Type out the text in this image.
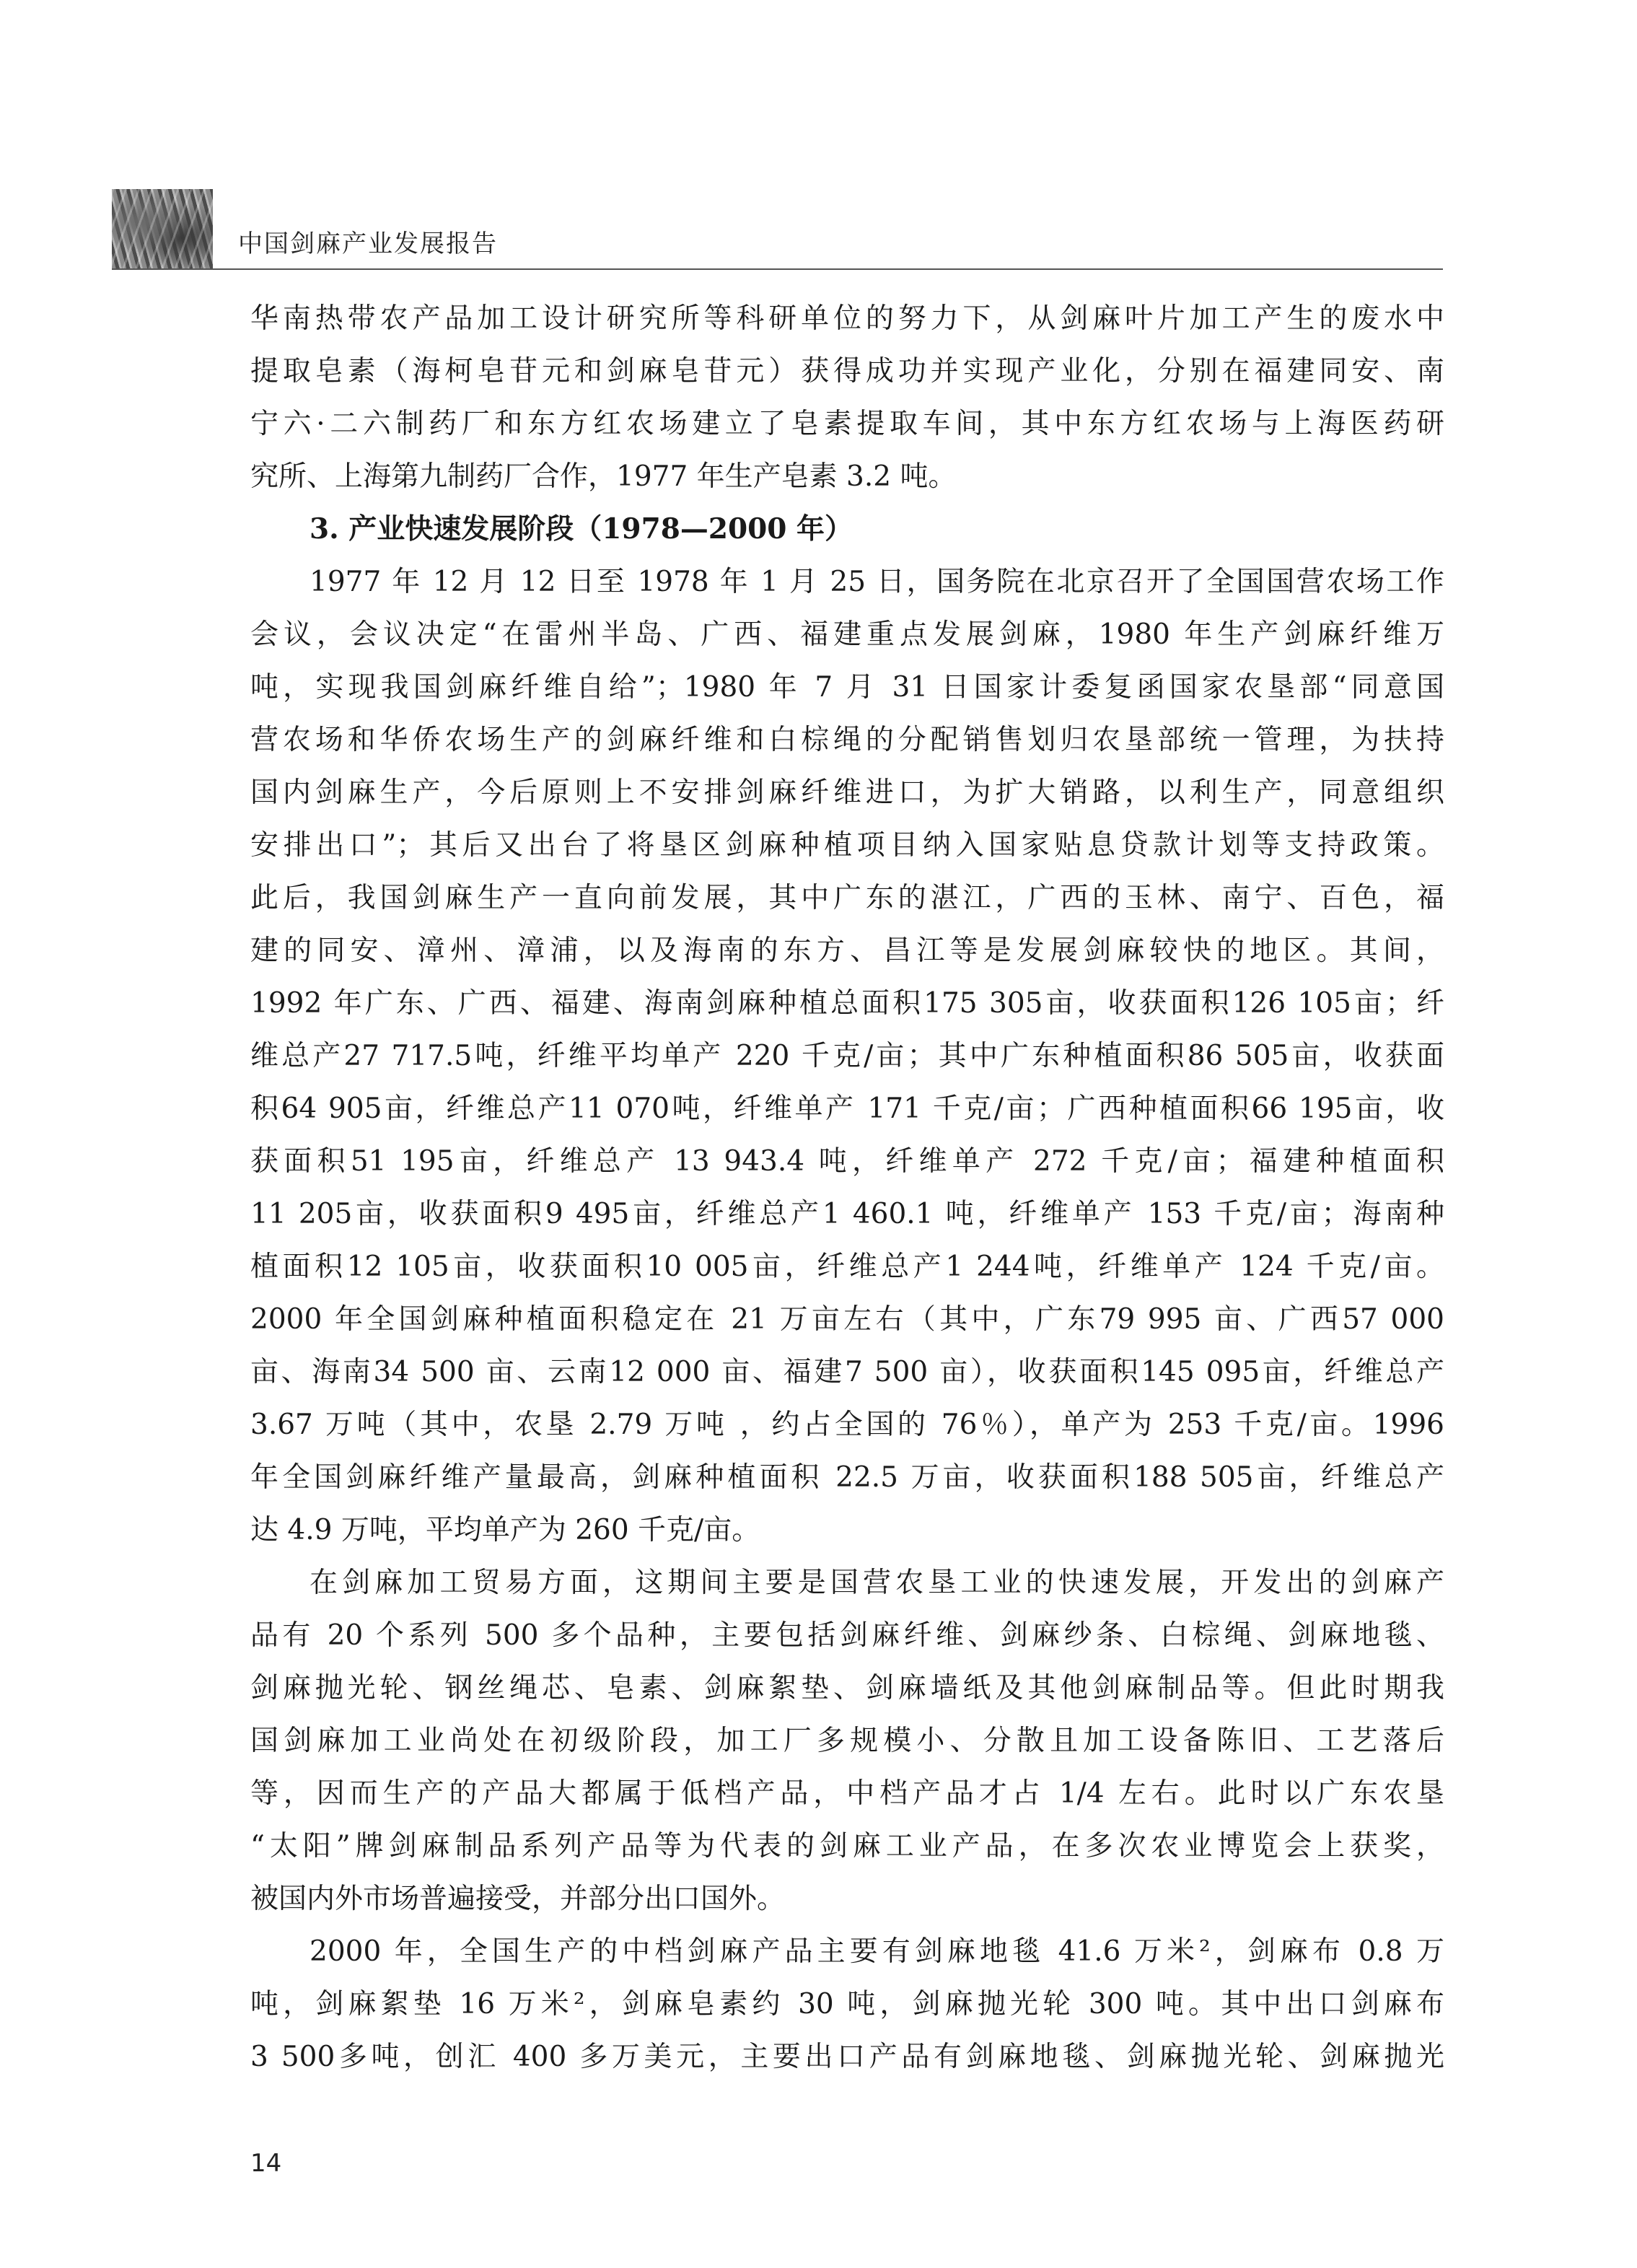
中国剑麻产业发展报告
华南热带农产品加工设计研究所等科研单位的努力下，从剑麻叶片加工产生的废水中
提取皂素（海柯皂苷元和剑麻皂苷元）获得成功并实现产业化，分别在福建同安、南
宁六·二六制药厂和东方红农场建立了皂素提取车间，其中东方红农场与上海医药研
究所、上海第九制药厂合作，1977 年生产皂素 3.2 吨。
3. 产业快速发展阶段（1978—2000 年）
1977 年 12 月 12 日至 1978 年 1 月 25 日，国务院在北京召开了全国国营农场工作
会议，会议决定“在雷州半岛、广西、福建重点发展剑麻，1980 年生产剑麻纤维万
吨，实现我国剑麻纤维自给”；1980 年 7 月 31 日国家计委复函国家农垦部“同意国
营农场和华侨农场生产的剑麻纤维和白棕绳的分配销售划归农垦部统一管理，为扶持
国内剑麻生产，今后原则上不安排剑麻纤维进口，为扩大销路，以利生产，同意组织
安排出口”；其后又出台了将垦区剑麻种植项目纳入国家贴息贷款计划等支持政策。
此后，我国剑麻生产一直向前发展，其中广东的湛江，广西的玉林、南宁、百色，福
建的同安、漳州、漳浦，以及海南的东方、昌江等是发展剑麻较快的地区。其间，
1992 年广东、广西、福建、海南剑麻种植总面积175 305亩，收获面积126 105亩；纤
维总产27 717.5吨，纤维平均单产 220 千克/亩；其中广东种植面积86 505亩，收获面
积64 905亩，纤维总产11 070吨，纤维单产 171 千克/亩；广西种植面积66 195亩，收
获面积51 195亩，纤维总产 13 943.4 吨，纤维单产 272 千克/亩；福建种植面积
11 205亩，收获面积9 495亩，纤维总产1 460.1 吨，纤维单产 153 千克/亩；海南种
植面积12 105亩，收获面积10 005亩，纤维总产1 244吨，纤维单产 124 千克/亩。
2000 年全国剑麻种植面积稳定在 21 万亩左右（其中，广东79 995 亩、广西57 000
亩、海南34 500 亩、云南12 000 亩、福建7 500 亩），收获面积145 095亩，纤维总产
3.67 万吨（其中，农垦 2.79 万吨 ，约占全国的 76％），单产为 253 千克/亩。1996
年全国剑麻纤维产量最高，剑麻种植面积 22.5 万亩，收获面积188 505亩，纤维总产
达 4.9 万吨，平均单产为 260 千克/亩。
在剑麻加工贸易方面，这期间主要是国营农垦工业的快速发展，开发出的剑麻产
品有 20 个系列 500 多个品种，主要包括剑麻纤维、剑麻纱条、白棕绳、剑麻地毯、
剑麻抛光轮、钢丝绳芯、皂素、剑麻絮垫、剑麻墙纸及其他剑麻制品等。但此时期我
国剑麻加工业尚处在初级阶段，加工厂多规模小、分散且加工设备陈旧、工艺落后
等，因而生产的产品大都属于低档产品，中档产品才占 1/4 左右。此时以广东农垦
“太阳”牌剑麻制品系列产品等为代表的剑麻工业产品，在多次农业博览会上获奖，
被国内外市场普遍接受，并部分出口国外。
2000 年，全国生产的中档剑麻产品主要有剑麻地毯 41.6 万米²，剑麻布 0.8 万
吨，剑麻絮垫 16 万米²，剑麻皂素约 30 吨，剑麻抛光轮 300 吨。其中出口剑麻布
3 500多吨，创汇 400 多万美元，主要出口产品有剑麻地毯、剑麻抛光轮、剑麻抛光
14
